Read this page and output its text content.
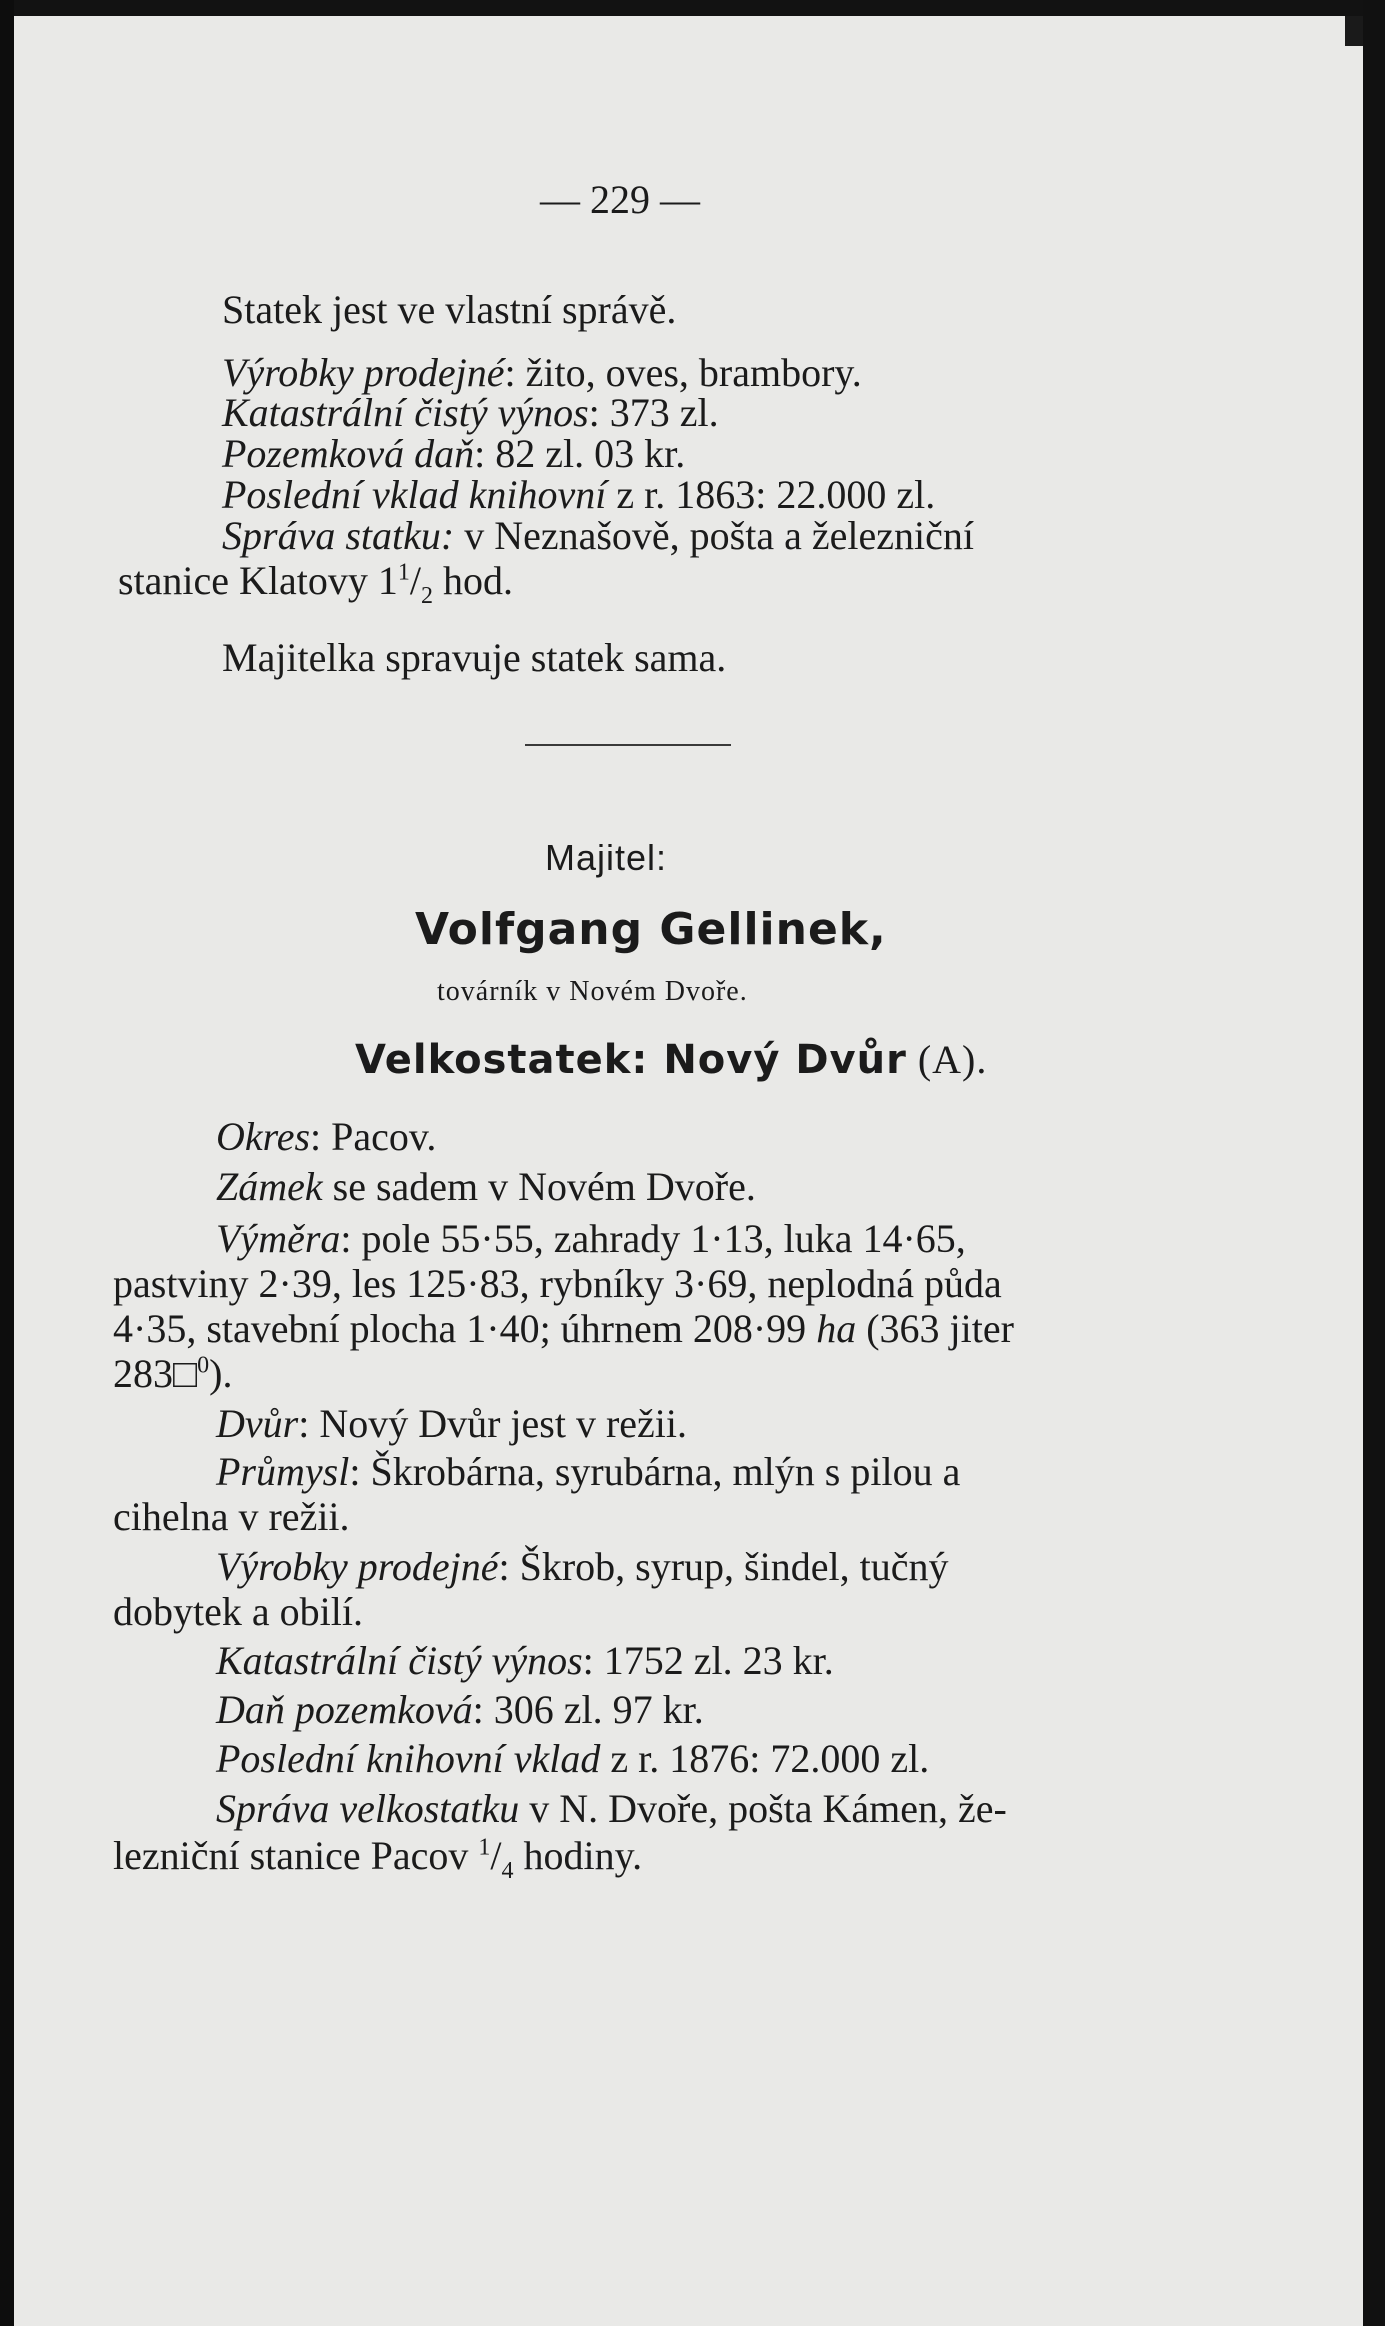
— 229 —

Statek jest ve vlastní správě.

Výrobky prodejné: žito, oves, brambory.

Katastrální čistý výnos: 373 zl.

Pozemková daň: 82 zl. 03 kr.

Poslední vklad knihovní z r. 1863: 22.000 zl.

Správa statku: v Neznašově, pošta a železniční

stanice Klatovy $1^1/_2$ hod.

Majitelka spravuje statek sama.

Majitel:

Volfgang Gellinek,

továrník v Novém Dvoře.

Velkostatek: Nový Dvůr (A).

Okres: Pacov.

Zámek se sadem v Novém Dvoře.

Výměra: pole 55·55, zahrady 1·13, luka 14·65,

pastviny 2·39, les 125·83, rybníky 3·69, neplodná půda

4·35, stavební plocha 1·40; úhrnem 208·99 ha (363 jiter

283□$^0$).

Dvůr: Nový Dvůr jest v režii.

Průmysl: Škrobárna, syrubárna, mlýn s pilou a

cihelna v režii.

Výrobky prodejné: Škrob, syrup, šindel, tučný

dobytek a obilí.

Katastrální čistý výnos: 1752 zl. 23 kr.

Daň pozemková: 306 zl. 97 kr.

Poslední knihovní vklad z r. 1876: 72.000 zl.

Správa velkostatku v N. Dvoře, pošta Kámen, že-

lezniční stanice Pacov $^1/_4$ hodiny.
